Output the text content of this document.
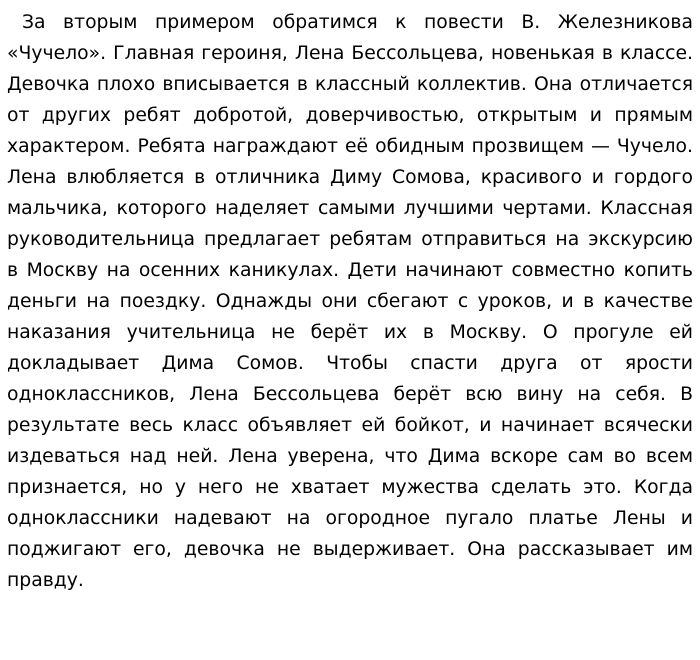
За вторым примером обратимся к повести В. Железникова «Чучело». Главная героиня, Лена Бессольцева, новенькая в классе. Девочка плохо вписывается в классный коллектив. Она отличается от других ребят добротой, доверчивостью, открытым и прямым характером. Ребята награждают её обидным прозвищем — Чучело. Лена влюбляется в отличника Диму Сомова, красивого и гордого мальчика, которого наделяет самыми лучшими чертами. Классная руководительница предлагает ребятам отправиться на экскурсию в Москву на осенних каникулах. Дети начинают совместно копить деньги на поездку. Однажды они сбегают с уроков, и в качестве наказания учительница не берёт их в Москву. О прогуле ей докладывает Дима Сомов. Чтобы спасти друга от ярости одноклассников, Лена Бессольцева берёт всю вину на себя. В результате весь класс объявляет ей бойкот, и начинает всячески издеваться над ней. Лена уверена, что Дима вскоре сам во всем признается, но у него не хватает мужества сделать это. Когда одноклассники надевают на огородное пугало платье Лены и поджигают его, девочка не выдерживает. Она рассказывает им правду.
